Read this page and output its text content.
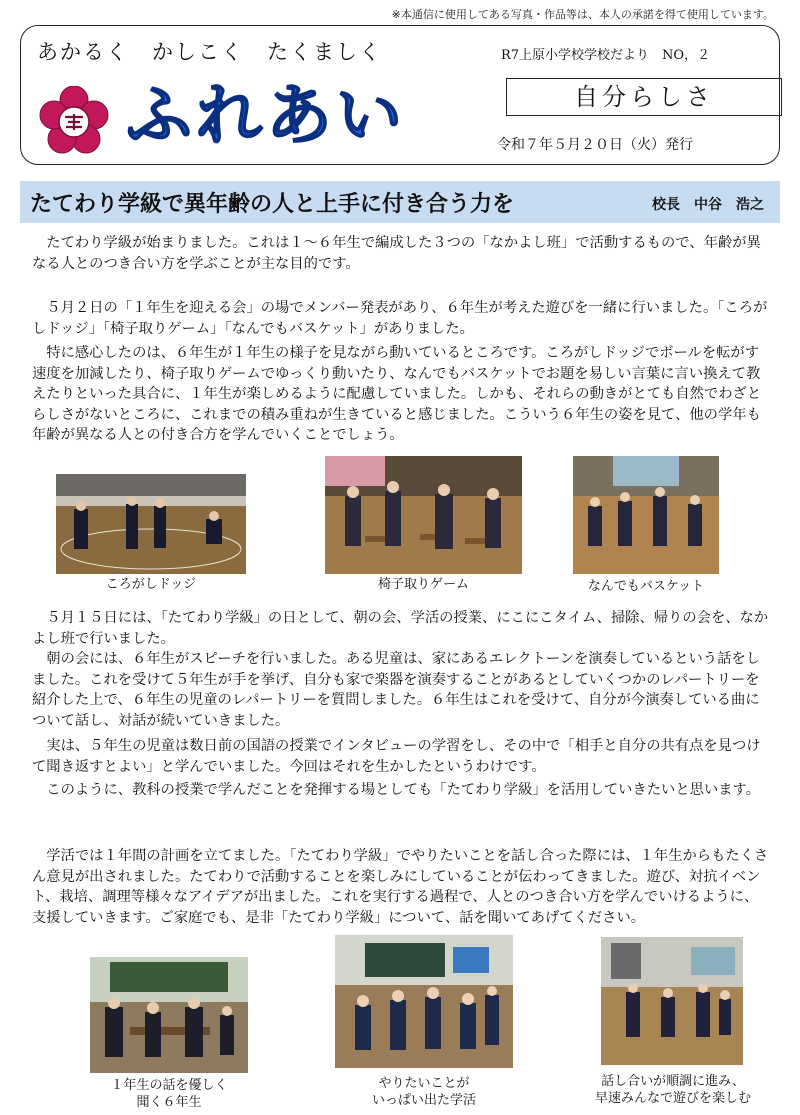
※本通信に使用してある写真・作品等は、本人の承諾を得て使用しています。
あかるく　かしこく　たくましく
ふれあい
R7上原小学校学校だより　NO，２
自分らしさ
令和７年５月２０日（火）発行
たてわり学級で異年齢の人と上手に付き合う力を	校長　中谷　浩之
たてわり学級が始まりました。これは１〜６年生で編成した３つの「なかよし班」で活動するもので、年齢が異なる人とのつき合い方を学ぶことが主な目的です。
５月２日の「１年生を迎える会」の場でメンバー発表があり、６年生が考えた遊びを一緒に行いました。「ころがしドッジ」「椅子取りゲーム」「なんでもバスケット」がありました。
特に感心したのは、６年生が１年生の様子を見ながら動いているところです。ころがしドッジでボールを転がす速度を加減したり、椅子取りゲームでゆっくり動いたり、なんでもバスケットでお題を易しい言葉に言い換えて教えたりといった具合に、１年生が楽しめるように配慮していました。しかも、それらの動きがとても自然でわざとらしさがないところに、これまでの積み重ねが生きていると感じました。こういう６年生の姿を見て、他の学年も年齢が異なる人との付き合方を学んでいくことでしょう。
ころがしドッジ	椅子取りゲーム	なんでもバスケット
５月１５日には、「たてわり学級」の日として、朝の会、学活の授業、にこにこタイム、掃除、帰りの会を、なかよし班で行いました。
朝の会には、６年生がスピーチを行いました。ある児童は、家にあるエレクトーンを演奏しているという話をしました。これを受けて５年生が手を挙げ、自分も家で楽器を演奏することがあるとしていくつかのレパートリーを紹介した上で、６年生の児童のレパートリーを質問しました。６年生はこれを受けて、自分が今演奏している曲について話し、対話が続いていきました。
実は、５年生の児童は数日前の国語の授業でインタビューの学習をし、その中で「相手と自分の共有点を見つけて聞き返すとよい」と学んでいました。今回はそれを生かしたというわけです。
このように、教科の授業で学んだことを発揮する場としても「たてわり学級」を活用していきたいと思います。
学活では１年間の計画を立てました。「たてわり学級」でやりたいことを話し合った際には、１年生からもたくさん意見が出されました。たてわりで活動することを楽しみにしていることが伝わってきました。遊び、対抗イベント、栽培、調理等様々なアイデアが出ました。これを実行する過程で、人とのつき合い方を学んでいけるように、支援していきます。ご家庭でも、是非「たてわり学級」について、話を聞いてあげてください。
１年生の話を優しく
聞く６年生
やりたいことが
いっぱい出た学活
話し合いが順調に進み、
早速みんなで遊びを楽しむ
